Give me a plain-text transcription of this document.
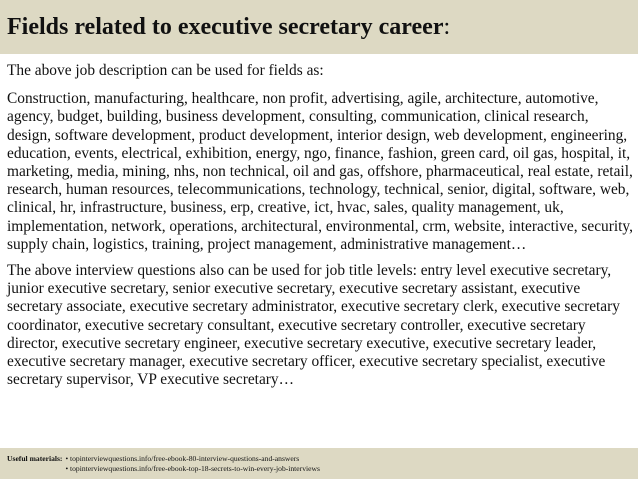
Fields related to executive secretary career:

The above job description can be used for fields as:

Construction, manufacturing, healthcare, non profit, advertising, agile, architecture, automotive, agency, budget, building, business development, consulting, communication, clinical research, design, software development, product development, interior design, web development, engineering, education, events, electrical, exhibition, energy, ngo, finance, fashion, green card, oil gas, hospital, it, marketing, media, mining, nhs, non technical, oil and gas, offshore, pharmaceutical, real estate, retail, research, human resources, telecommunications, technology, technical, senior, digital, software, web, clinical, hr, infrastructure, business, erp, creative, ict, hvac, sales, quality management, uk, implementation, network, operations, architectural, environmental, crm, website, interactive, security, supply chain, logistics, training, project management, administrative management…

The above interview questions also can be used for job title levels: entry level executive secretary, junior executive secretary, senior executive secretary, executive secretary assistant, executive secretary associate, executive secretary administrator, executive secretary clerk, executive secretary coordinator, executive secretary consultant, executive secretary controller, executive secretary director, executive secretary engineer, executive secretary executive, executive secretary leader, executive secretary manager, executive secretary officer, executive secretary specialist, executive secretary supervisor, VP executive secretary…

Useful materials: • topinterviewquestions.info/free-ebook-80-interview-questions-and-answers
• topinterviewquestions.info/free-ebook-top-18-secrets-to-win-every-job-interviews
